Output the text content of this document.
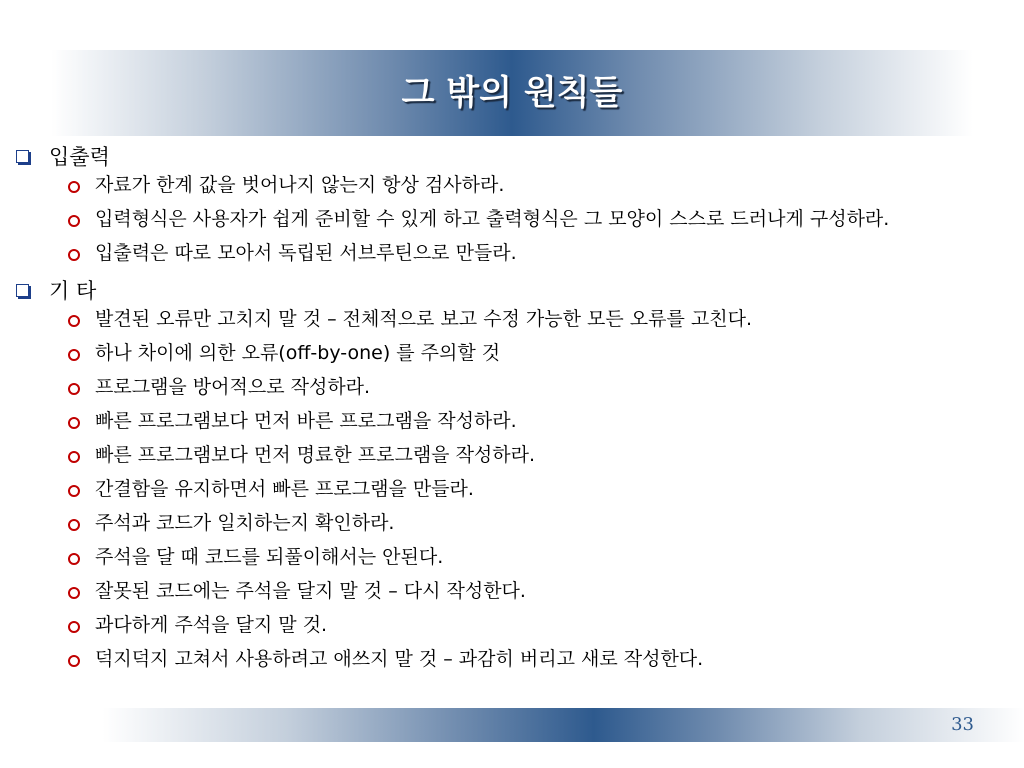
그 밖의 원칙들
입출력
자료가 한계 값을 벗어나지 않는지 항상 검사하라.
입력형식은 사용자가 쉽게 준비할 수 있게 하고 출력형식은 그 모양이 스스로 드러나게 구성하라.
입출력은 따로 모아서 독립된 서브루틴으로 만들라.
기 타
발견된 오류만 고치지 말 것 – 전체적으로 보고 수정 가능한 모든 오류를 고친다.
하나 차이에 의한 오류(off-by-one) 를 주의할 것
프로그램을 방어적으로 작성하라.
빠른 프로그램보다 먼저 바른 프로그램을 작성하라.
빠른 프로그램보다 먼저 명료한 프로그램을 작성하라.
간결함을 유지하면서 빠른 프로그램을 만들라.
주석과 코드가 일치하는지 확인하라.
주석을 달 때 코드를 되풀이해서는 안된다.
잘못된 코드에는 주석을 달지 말 것 – 다시 작성한다.
과다하게 주석을 달지 말 것.
덕지덕지 고쳐서 사용하려고 애쓰지 말 것 – 과감히 버리고 새로 작성한다.
33
